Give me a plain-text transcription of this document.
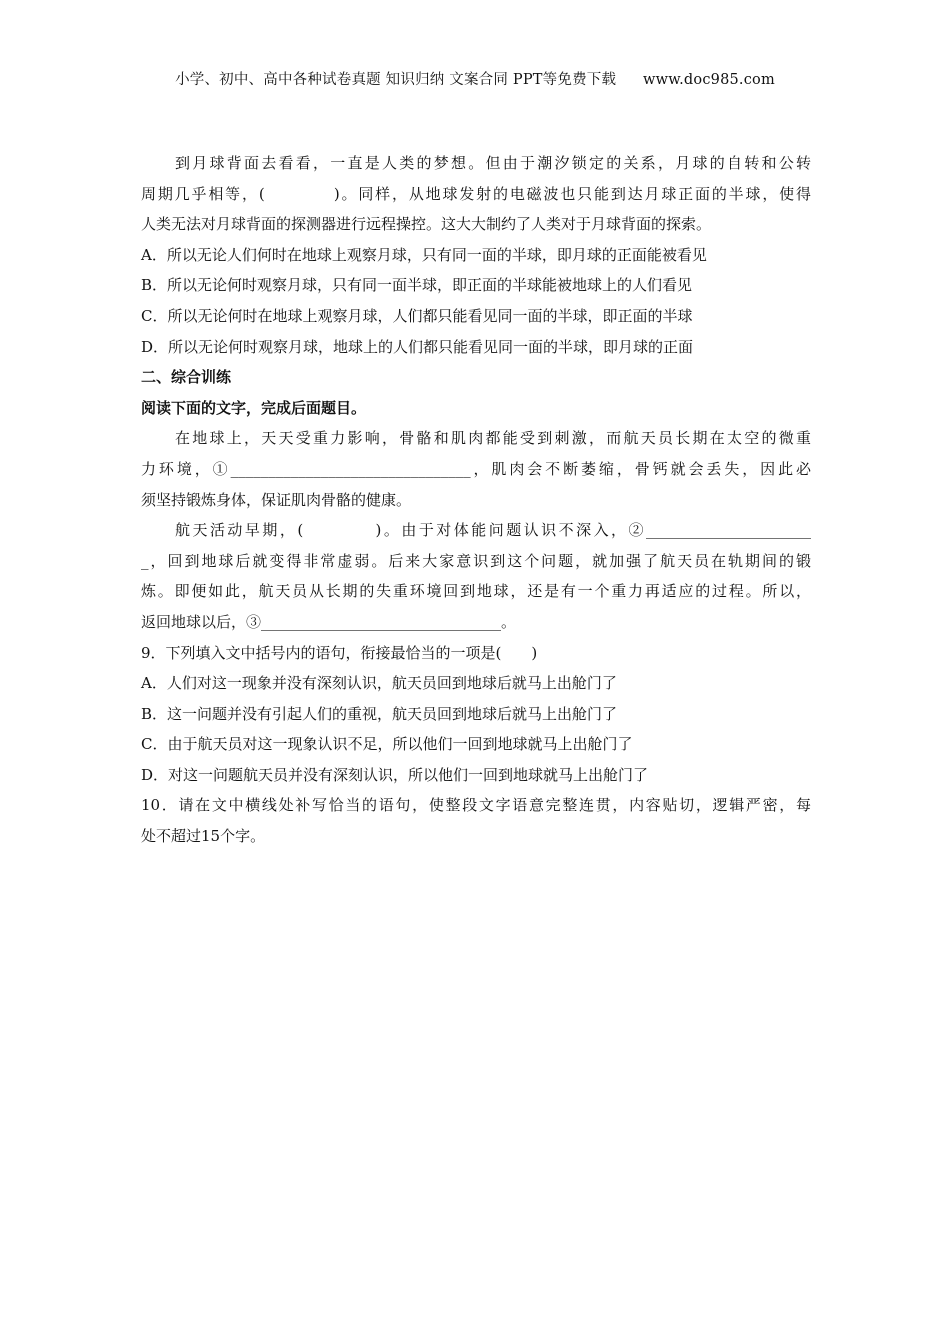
小学、初中、高中各种试卷真题 知识归纳 文案合同 PPT等免费下载 www.doc985.com
到月球背面去看看，一直是人类的梦想。但由于潮汐锁定的关系，月球的自转和公转
周期几乎相等，(　　　　)。同样，从地球发射的电磁波也只能到达月球正面的半球，使得
人类无法对月球背面的探测器进行远程操控。这大大制约了人类对于月球背面的探索。
A．所以无论人们何时在地球上观察月球，只有同一面的半球，即月球的正面能被看见
B．所以无论何时观察月球，只有同一面半球，即正面的半球能被地球上的人们看见
C．所以无论何时在地球上观察月球，人们都只能看见同一面的半球，即正面的半球
D．所以无论何时观察月球，地球上的人们都只能看见同一面的半球，即月球的正面
二、综合训练
阅读下面的文字，完成后面题目。
在地球上，天天受重力影响，骨骼和肌肉都能受到刺激，而航天员长期在太空的微重
力环境，①________________________________，肌肉会不断萎缩，骨钙就会丢失，因此必
须坚持锻炼身体，保证肌肉骨骼的健康。
航天活动早期，(　　　　)。由于对体能问题认识不深入，②______________________
_，回到地球后就变得非常虚弱。后来大家意识到这个问题，就加强了航天员在轨期间的锻
炼。即便如此，航天员从长期的失重环境回到地球，还是有一个重力再适应的过程。所以，
返回地球以后，③________________________________。
9．下列填入文中括号内的语句，衔接最恰当的一项是(　　)
A．人们对这一现象并没有深刻认识，航天员回到地球后就马上出舱门了
B．这一问题并没有引起人们的重视，航天员回到地球后就马上出舱门了
C．由于航天员对这一现象认识不足，所以他们一回到地球就马上出舱门了
D．对这一问题航天员并没有深刻认识，所以他们一回到地球就马上出舱门了
10．请在文中横线处补写恰当的语句，使整段文字语意完整连贯，内容贴切，逻辑严密，每
处不超过15个字。
